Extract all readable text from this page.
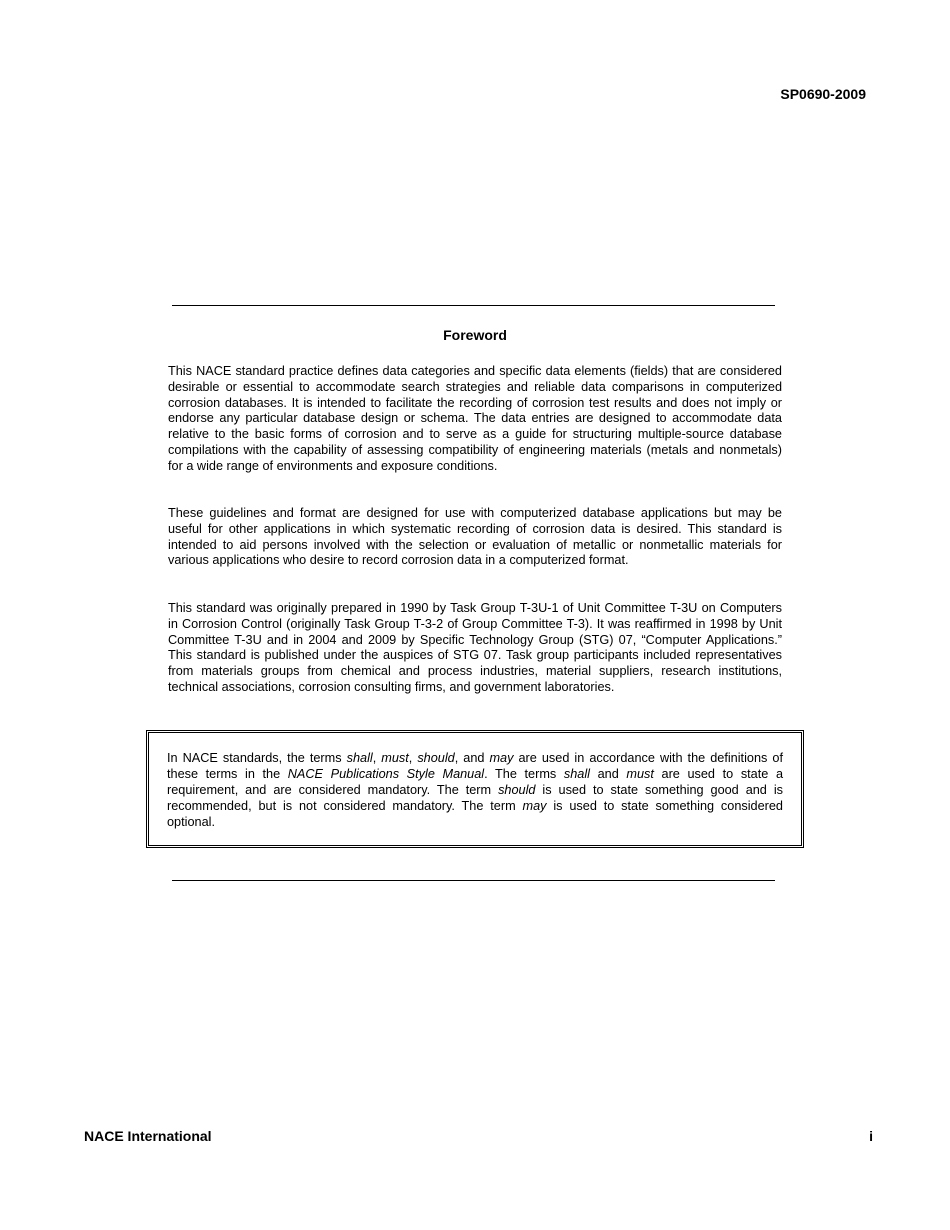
SP0690-2009
Foreword

This NACE standard practice defines data categories and specific data elements (fields) that are considered desirable or essential to accommodate search strategies and reliable data comparisons in computerized corrosion databases. It is intended to facilitate the recording of corrosion test results and does not imply or endorse any particular database design or schema. The data entries are designed to accommodate data relative to the basic forms of corrosion and to serve as a guide for structuring multiple-source database compilations with the capability of assessing compatibility of engineering materials (metals and nonmetals) for a wide range of environments and exposure conditions.

These guidelines and format are designed for use with computerized database applications but may be useful for other applications in which systematic recording of corrosion data is desired. This standard is intended to aid persons involved with the selection or evaluation of metallic or nonmetallic materials for various applications who desire to record corrosion data in a computerized format.

This standard was originally prepared in 1990 by Task Group T-3U-1 of Unit Committee T-3U on Computers in Corrosion Control (originally Task Group T-3-2 of Group Committee T-3). It was reaffirmed in 1998 by Unit Committee T-3U and in 2004 and 2009 by Specific Technology Group (STG) 07, “Computer Applications.” This standard is published under the auspices of STG 07. Task group participants included representatives from materials groups from chemical and process industries, material suppliers, research institutions, technical associations, corrosion consulting firms, and government laboratories.

In NACE standards, the terms shall, must, should, and may are used in accordance with the definitions of these terms in the NACE Publications Style Manual. The terms shall and must are used to state a requirement, and are considered mandatory. The term should is used to state something good and is recommended, but is not considered mandatory. The term may is used to state something considered optional.

NACE International	i
